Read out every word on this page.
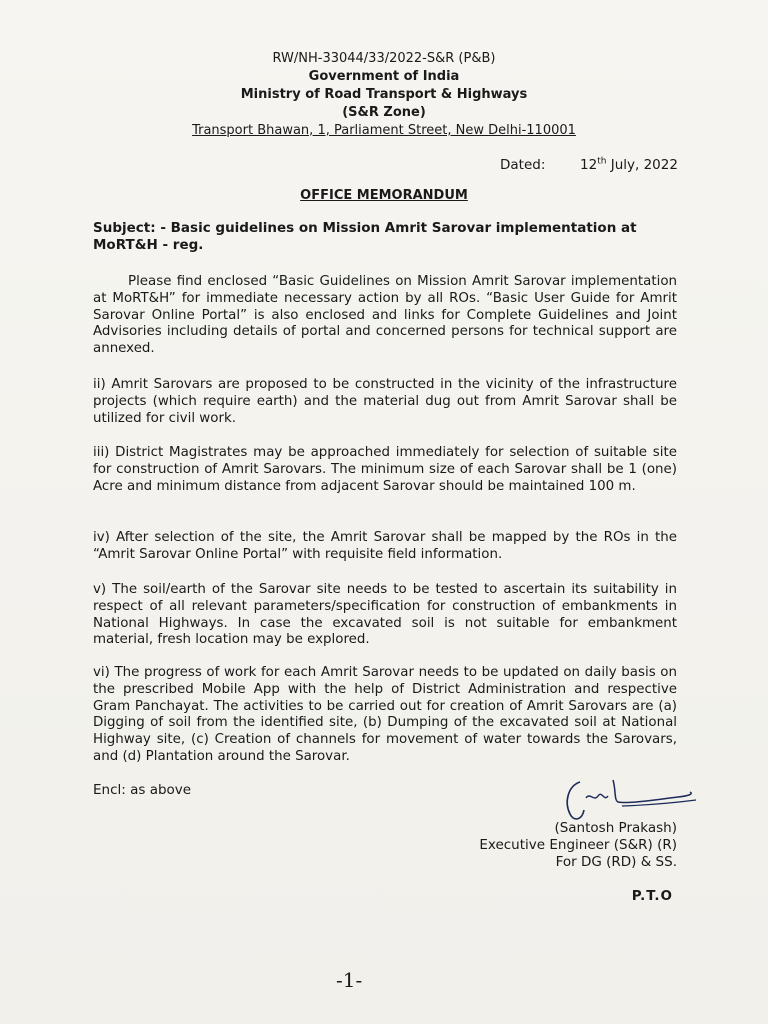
RW/NH-33044/33/2022-S&R (P&B)
Government of India
Ministry of Road Transport & Highways
(S&R Zone)
Transport Bhawan, 1, Parliament Street, New Delhi-110001
Dated:	12th July, 2022
OFFICE MEMORANDUM
Subject: - Basic guidelines on Mission Amrit Sarovar implementation at MoRT&H - reg.
Please find enclosed “Basic Guidelines on Mission Amrit Sarovar implementation at MoRT&H” for immediate necessary action by all ROs. “Basic User Guide for Amrit Sarovar Online Portal” is also enclosed and links for Complete Guidelines and Joint Advisories including details of portal and concerned persons for technical support are annexed.
ii) Amrit Sarovars are proposed to be constructed in the vicinity of the infrastructure projects (which require earth) and the material dug out from Amrit Sarovar shall be utilized for civil work.
iii) District Magistrates may be approached immediately for selection of suitable site for construction of Amrit Sarovars. The minimum size of each Sarovar shall be 1 (one) Acre and minimum distance from adjacent Sarovar should be maintained 100 m.
iv) After selection of the site, the Amrit Sarovar shall be mapped by the ROs in the “Amrit Sarovar Online Portal” with requisite field information.
v) The soil/earth of the Sarovar site needs to be tested to ascertain its suitability in respect of all relevant parameters/specification for construction of embankments in National Highways. In case the excavated soil is not suitable for embankment material, fresh location may be explored.
vi) The progress of work for each Amrit Sarovar needs to be updated on daily basis on the prescribed Mobile App with the help of District Administration and respective Gram Panchayat. The activities to be carried out for creation of Amrit Sarovars are (a) Digging of soil from the identified site, (b) Dumping of the excavated soil at National Highway site, (c) Creation of channels for movement of water towards the Sarovars, and (d) Plantation around the Sarovar.
Encl: as above
(Santosh Prakash)
Executive Engineer (S&R) (R)
For DG (RD) & SS.
P.T.O
-1-
